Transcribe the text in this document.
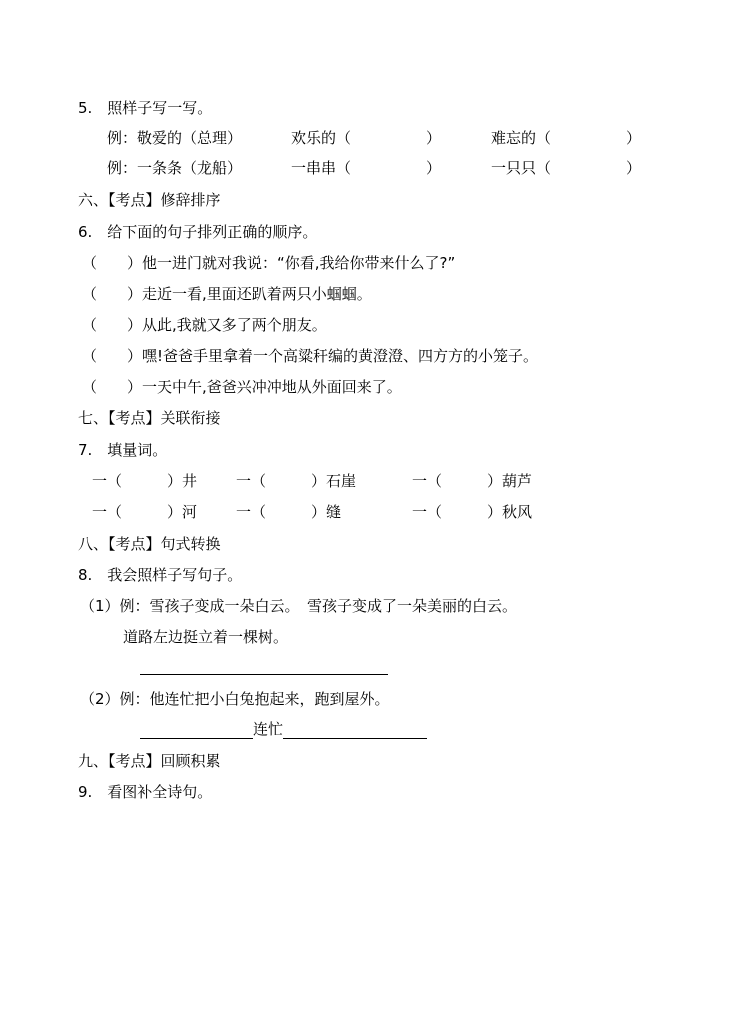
5.　照样子写一写。
例：敬爱的（总理）	欢乐的（　　　　　）	难忘的（　　　　　）
例：一条条（龙船）	一串串（　　　　　）	一只只（　　　　　）
六、【考点】修辞排序
6.　给下面的句子排列正确的顺序。
（　　）他一进门就对我说：“你看,我给你带来什么了?”
（　　）走近一看,里面还趴着两只小蝈蝈。
（　　）从此,我就又多了两个朋友。
（　　）嘿!爸爸手里拿着一个高粱秆编的黄澄澄、四方方的小笼子。
（　　）一天中午,爸爸兴冲冲地从外面回来了。
七、【考点】关联衔接
7.　填量词。
一（　　　）井	一（　　　）石崖	一（　　　）葫芦
一（　　　）河	一（　　　）缝	一（　　　）秋风
八、【考点】句式转换
8.　我会照样子写句子。
（1）例：雪孩子变成一朵白云。　雪孩子变成了一朵美丽的白云。
道路左边挺立着一棵树。
（2）例：他连忙把小白兔抱起来，跑到屋外。
连忙
九、【考点】回顾积累
9.　看图补全诗句。
